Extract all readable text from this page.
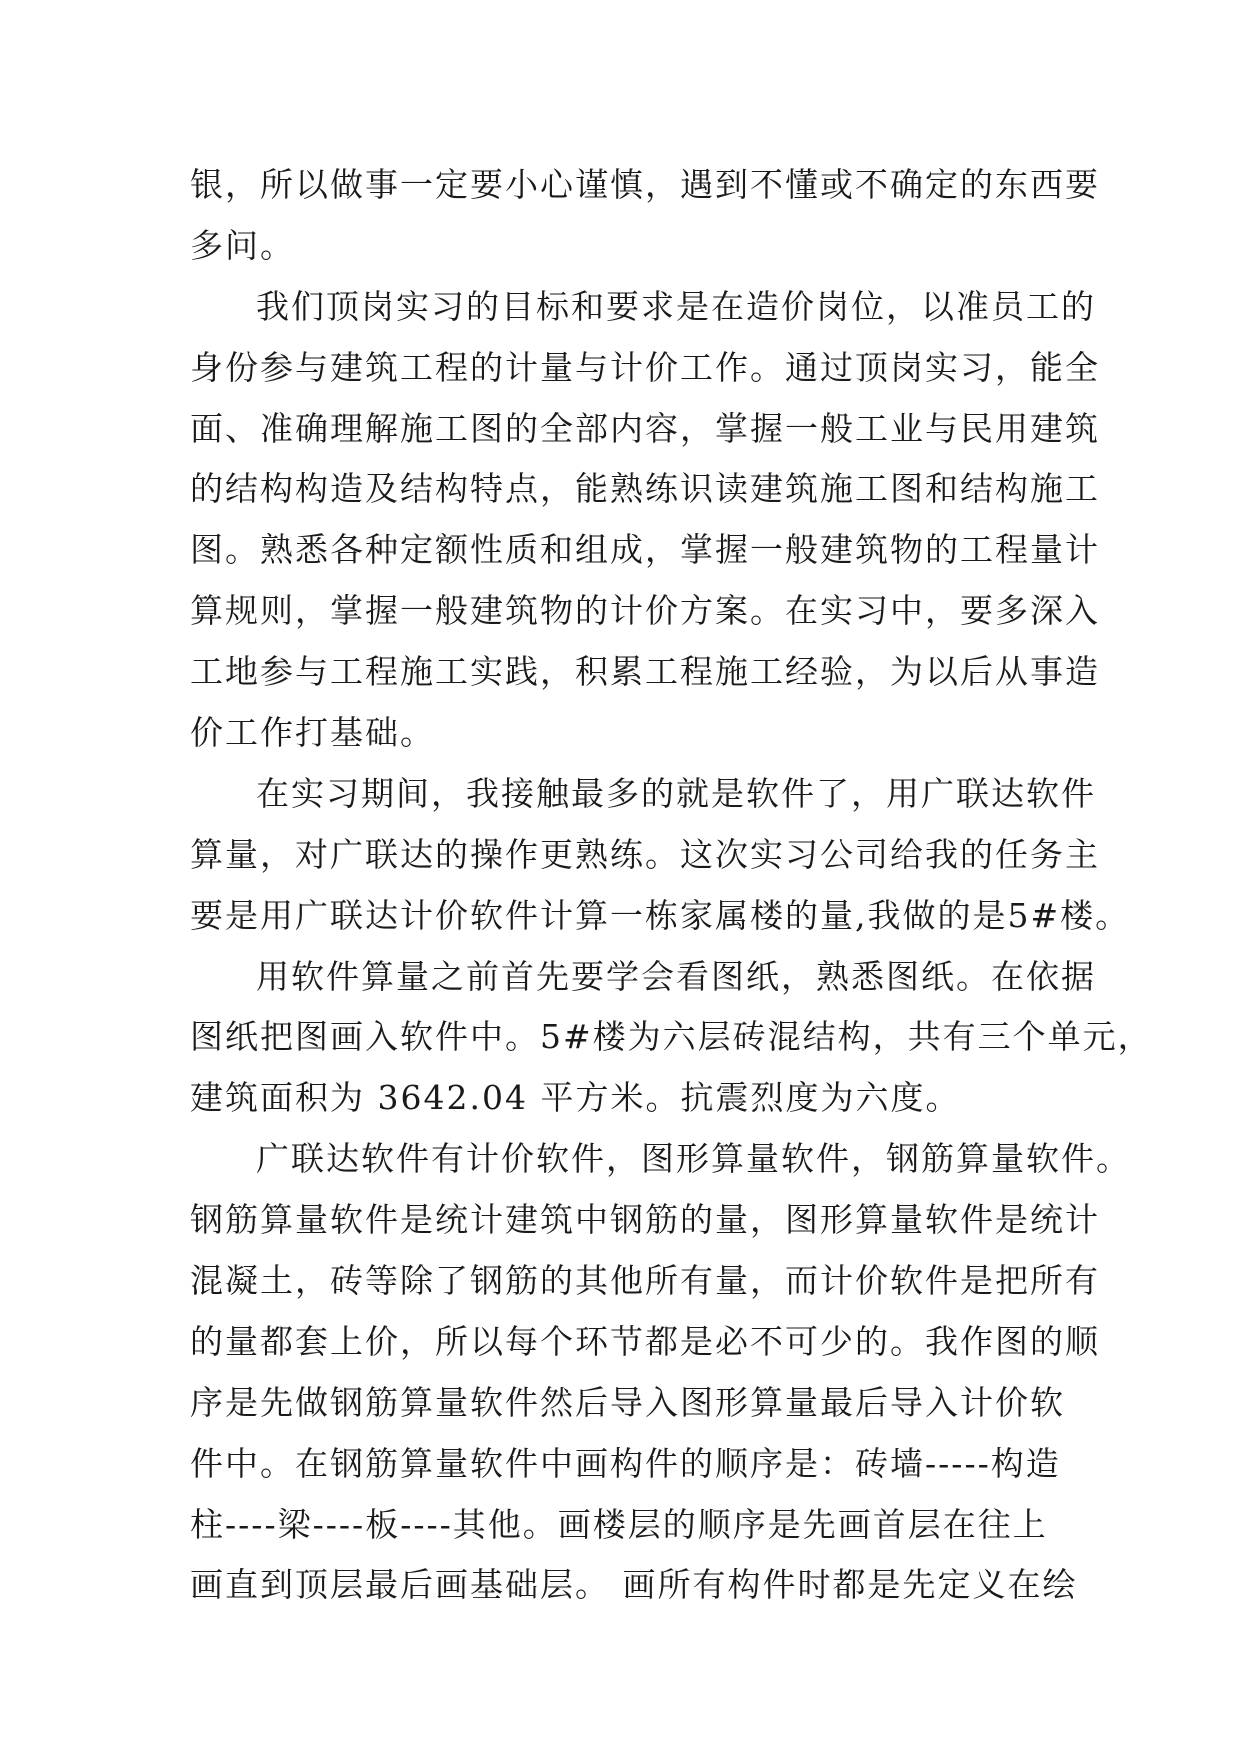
银，所以做事一定要小心谨慎，遇到不懂或不确定的东西要
多问。
我们顶岗实习的目标和要求是在造价岗位，以准员工的
身份参与建筑工程的计量与计价工作。通过顶岗实习，能全
面、准确理解施工图的全部内容，掌握一般工业与民用建筑
的结构构造及结构特点，能熟练识读建筑施工图和结构施工
图。熟悉各种定额性质和组成，掌握一般建筑物的工程量计
算规则，掌握一般建筑物的计价方案。在实习中，要多深入
工地参与工程施工实践，积累工程施工经验，为以后从事造
价工作打基础。
在实习期间，我接触最多的就是软件了，用广联达软件
算量，对广联达的操作更熟练。这次实习公司给我的任务主
要是用广联达计价软件计算一栋家属楼的量,我做的是5#楼。
用软件算量之前首先要学会看图纸，熟悉图纸。在依据
图纸把图画入软件中。5#楼为六层砖混结构，共有三个单元，
建筑面积为 3642.04 平方米。抗震烈度为六度。
广联达软件有计价软件，图形算量软件，钢筋算量软件。
钢筋算量软件是统计建筑中钢筋的量，图形算量软件是统计
混凝土，砖等除了钢筋的其他所有量，而计价软件是把所有
的量都套上价，所以每个环节都是必不可少的。我作图的顺
序是先做钢筋算量软件然后导入图形算量最后导入计价软
件中。在钢筋算量软件中画构件的顺序是：砖墙-----构造
柱----梁----板----其他。画楼层的顺序是先画首层在往上
画直到顶层最后画基础层。 画所有构件时都是先定义在绘
